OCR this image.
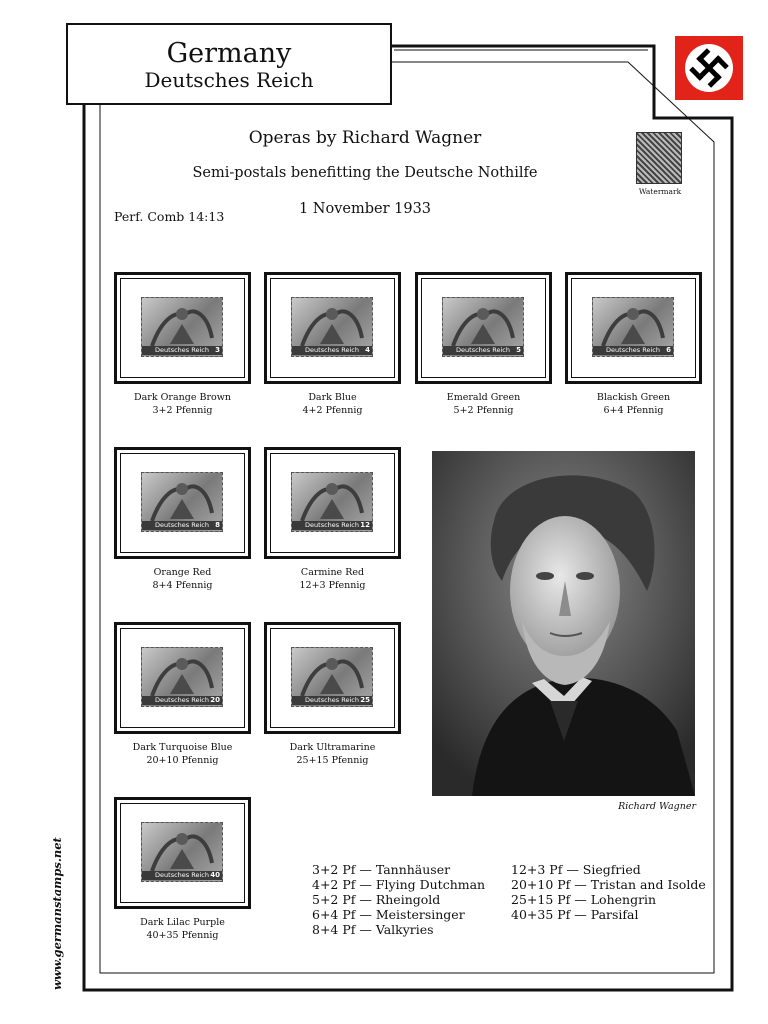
Germany
Deutsches Reich
Operas by Richard Wagner
Semi-postals benefitting the Deutsche Nothilfe
1 November 1933
Perf. Comb 14:13
Watermark
Deutsches Reich 3
Dark Orange Brown
3+2 Pfennig
Deutsches Reich 4
Dark Blue
4+2 Pfennig
Deutsches Reich 5
Emerald Green
5+2 Pfennig
Deutsches Reich 6
Blackish Green
6+4 Pfennig
Deutsches Reich 8
Orange Red
8+4 Pfennig
Deutsches Reich 12
Carmine Red
12+3 Pfennig
Deutsches Reich 20
Dark Turquoise Blue
20+10 Pfennig
Deutsches Reich 25
Dark Ultramarine
25+15 Pfennig
Deutsches Reich 40
Dark Lilac Purple
40+35 Pfennig
Richard Wagner
3+2 Pf — Tannhäuser
4+2 Pf — Flying Dutchman
5+2 Pf — Rheingold
6+4 Pf — Meistersinger
8+4 Pf — Valkyries
12+3 Pf — Siegfried
20+10 Pf — Tristan and Isolde
25+15 Pf — Lohengrin
40+35 Pf — Parsifal
www.germanstamps.net
